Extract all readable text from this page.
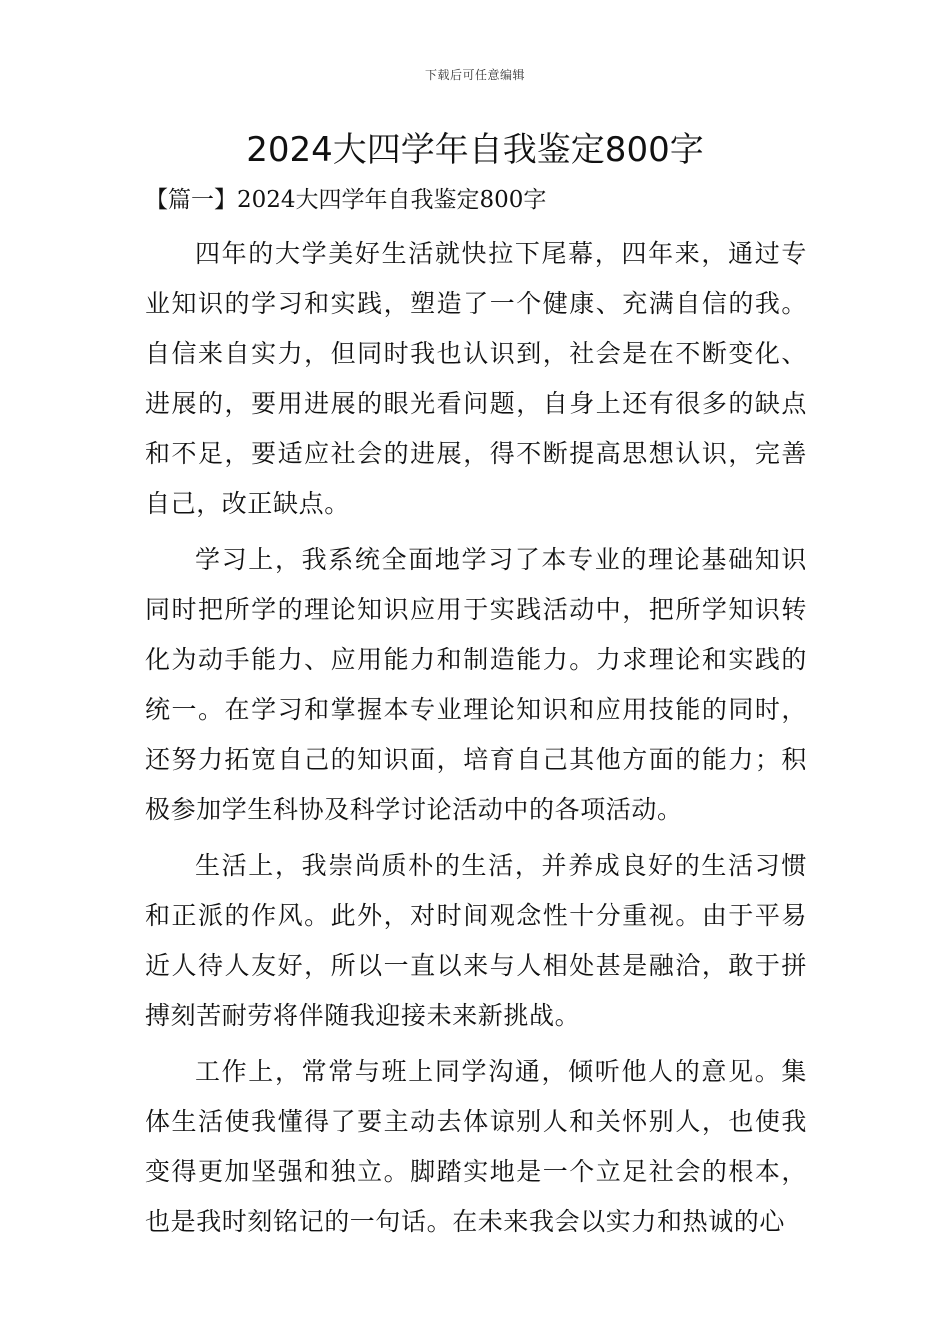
下载后可任意编辑
2024大四学年自我鉴定800字

【篇一】2024大四学年自我鉴定800字

四年的大学美好生活就快拉下尾幕，四年来，通过专业知识的学习和实践，塑造了一个健康、充满自信的我。自信来自实力，但同时我也认识到，社会是在不断变化、进展的，要用进展的眼光看问题，自身上还有很多的缺点和不足，要适应社会的进展，得不断提高思想认识，完善自己，改正缺点。

学习上，我系统全面地学习了本专业的理论基础知识同时把所学的理论知识应用于实践活动中，把所学知识转化为动手能力、应用能力和制造能力。力求理论和实践的统一。在学习和掌握本专业理论知识和应用技能的同时，还努力拓宽自己的知识面，培育自己其他方面的能力；积极参加学生科协及科学讨论活动中的各项活动。

生活上，我崇尚质朴的生活，并养成良好的生活习惯和正派的作风。此外，对时间观念性十分重视。由于平易近人待人友好，所以一直以来与人相处甚是融洽，敢于拼搏刻苦耐劳将伴随我迎接未来新挑战。

工作上，常常与班上同学沟通，倾听他人的意见。集体生活使我懂得了要主动去体谅别人和关怀别人，也使我变得更加坚强和独立。脚踏实地是一个立足社会的根本，也是我时刻铭记的一句话。在未来我会以实力和热诚的心
